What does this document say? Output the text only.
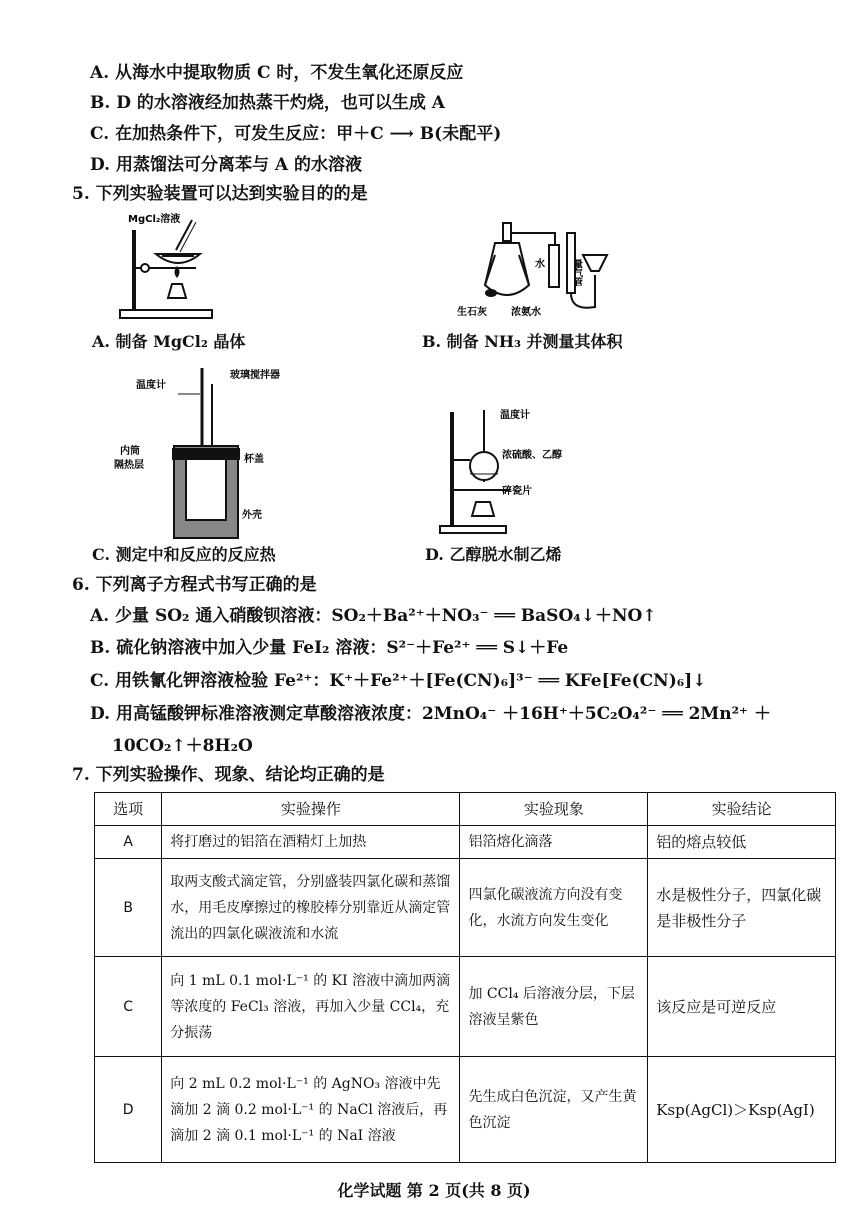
A. 从海水中提取物质 C 时，不发生氧化还原反应
B. D 的水溶液经加热蒸干灼烧，也可以生成 A
C. 在加热条件下，可发生反应：甲＋C ⟶ B(未配平)
D. 用蒸馏法可分离苯与 A 的水溶液
5. 下列实验装置可以达到实验目的的是
MgCl₂溶液
A. 制备 MgCl₂ 晶体
水	量气管
生石灰 浓氨水
B. 制备 NH₃ 并测量其体积
温度计
玻璃搅拌器
内筒
隔热层
杯盖
外壳
C. 测定中和反应的反应热
温度计
浓硫酸、乙醇
碎瓷片
D. 乙醇脱水制乙烯
6. 下列离子方程式书写正确的是
A. 少量 SO₂ 通入硝酸钡溶液：SO₂＋Ba²⁺＋NO₃⁻ ══ BaSO₄↓＋NO↑
B. 硫化钠溶液中加入少量 FeI₂ 溶液：S²⁻＋Fe²⁺ ══ S↓＋Fe
C. 用铁氰化钾溶液检验 Fe²⁺：K⁺＋Fe²⁺＋[Fe(CN)₆]³⁻ ══ KFe[Fe(CN)₆]↓
D. 用高锰酸钾标准溶液测定草酸溶液浓度：2MnO₄⁻ ＋16H⁺＋5C₂O₄²⁻ ══ 2Mn²⁺ ＋
10CO₂↑＋8H₂O
7. 下列实验操作、现象、结论均正确的是
选项	实验操作	实验现象	实验结论
A	将打磨过的铝箔在酒精灯上加热	铝箔熔化滴落	铝的熔点较低
B	取两支酸式滴定管，分别盛装四氯化碳和蒸馏水，用毛皮摩擦过的橡胶棒分别靠近从滴定管流出的四氯化碳液流和水流	四氯化碳液流方向没有变化，水流方向发生变化	水是极性分子，四氯化碳是非极性分子
C	向 1 mL 0.1 mol·L⁻¹ 的 KI 溶液中滴加两滴等浓度的 FeCl₃ 溶液，再加入少量 CCl₄，充分振荡	加 CCl₄ 后溶液分层，下层溶液呈紫色	该反应是可逆反应
D	向 2 mL 0.2 mol·L⁻¹ 的 AgNO₃ 溶液中先滴加 2 滴 0.2 mol·L⁻¹ 的 NaCl 溶液后，再滴加 2 滴 0.1 mol·L⁻¹ 的 NaI 溶液	先生成白色沉淀，又产生黄色沉淀	Ksp(AgCl)＞Ksp(AgI)
化学试题 第 2 页(共 8 页)
